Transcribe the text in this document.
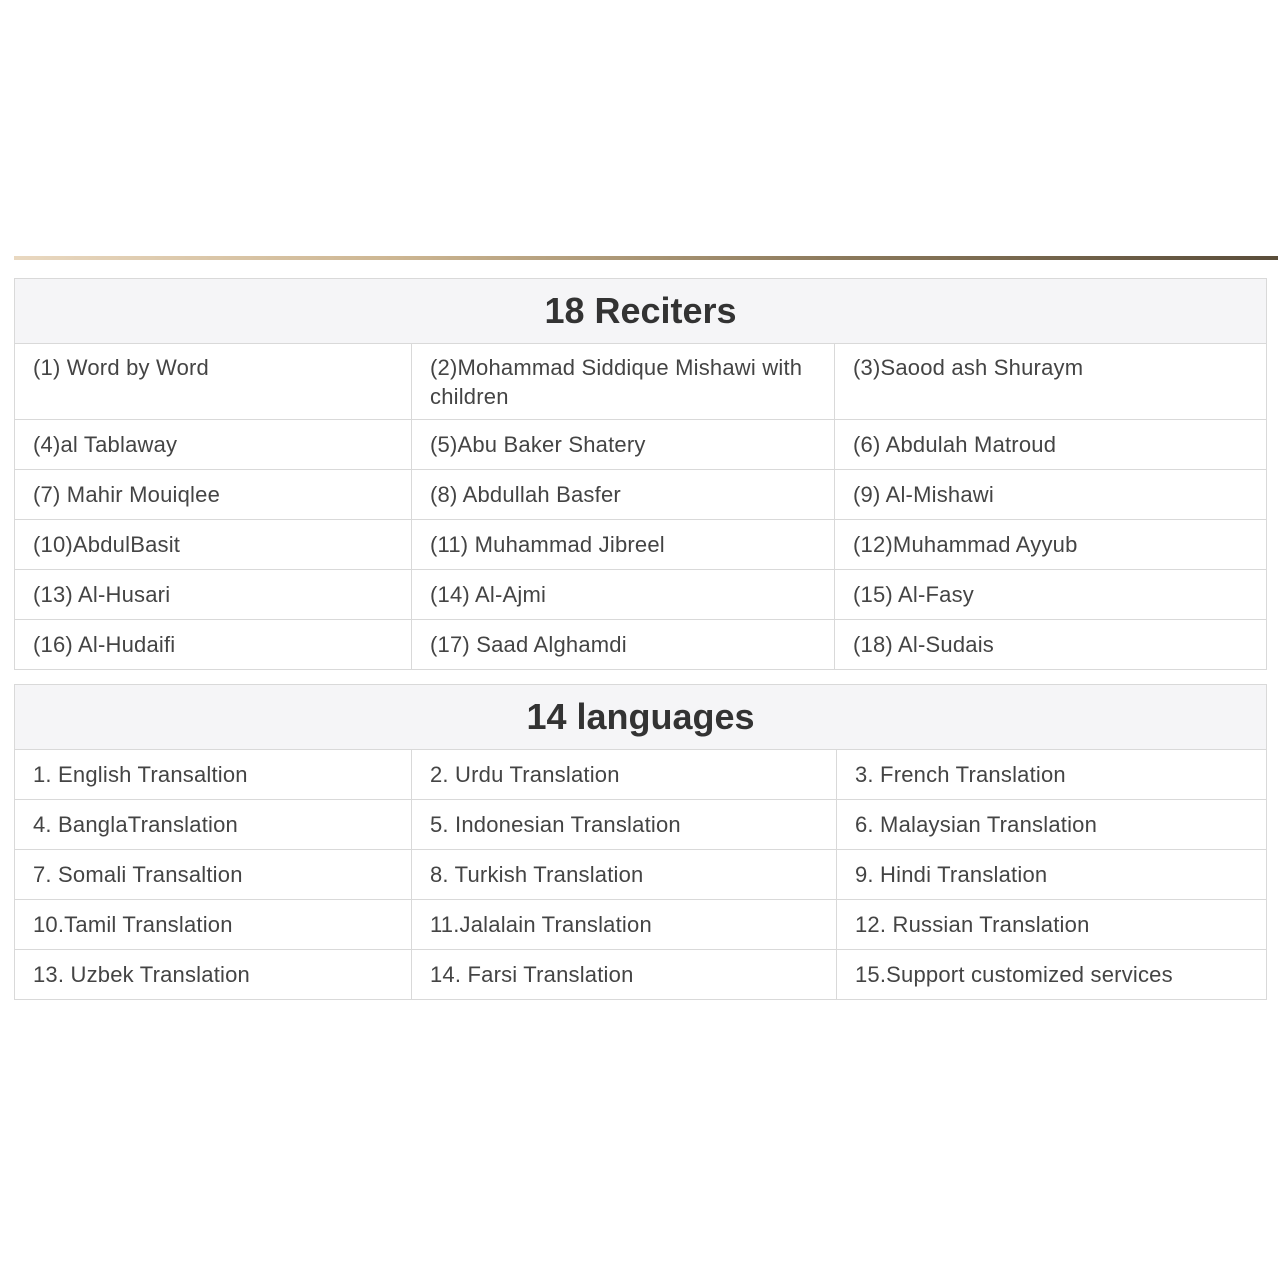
18 Reciters		
(1) Word by Word	(2)Mohammad Siddique Mishawi with children	(3)Saood ash Shuraym
(4)al Tablaway	(5)Abu Baker Shatery	(6) Abdulah Matroud
(7) Mahir Mouiqlee	(8) Abdullah Basfer	(9) Al-Mishawi
(10)AbdulBasit	(11) Muhammad Jibreel	(12)Muhammad Ayyub
(13) Al-Husari	(14) Al-Ajmi	(15) Al-Fasy
(16) Al-Hudaifi	(17) Saad Alghamdi	(18) Al-Sudais
14 languages		
1. English Transaltion	2. Urdu Translation	3. French Translation
4. BanglaTranslation	5. Indonesian Translation	6. Malaysian Translation
7. Somali Transaltion	8. Turkish Translation	9. Hindi Translation
10.Tamil Translation	11.Jalalain Translation	12. Russian Translation
13. Uzbek Translation	14. Farsi Translation	15.Support customized services
